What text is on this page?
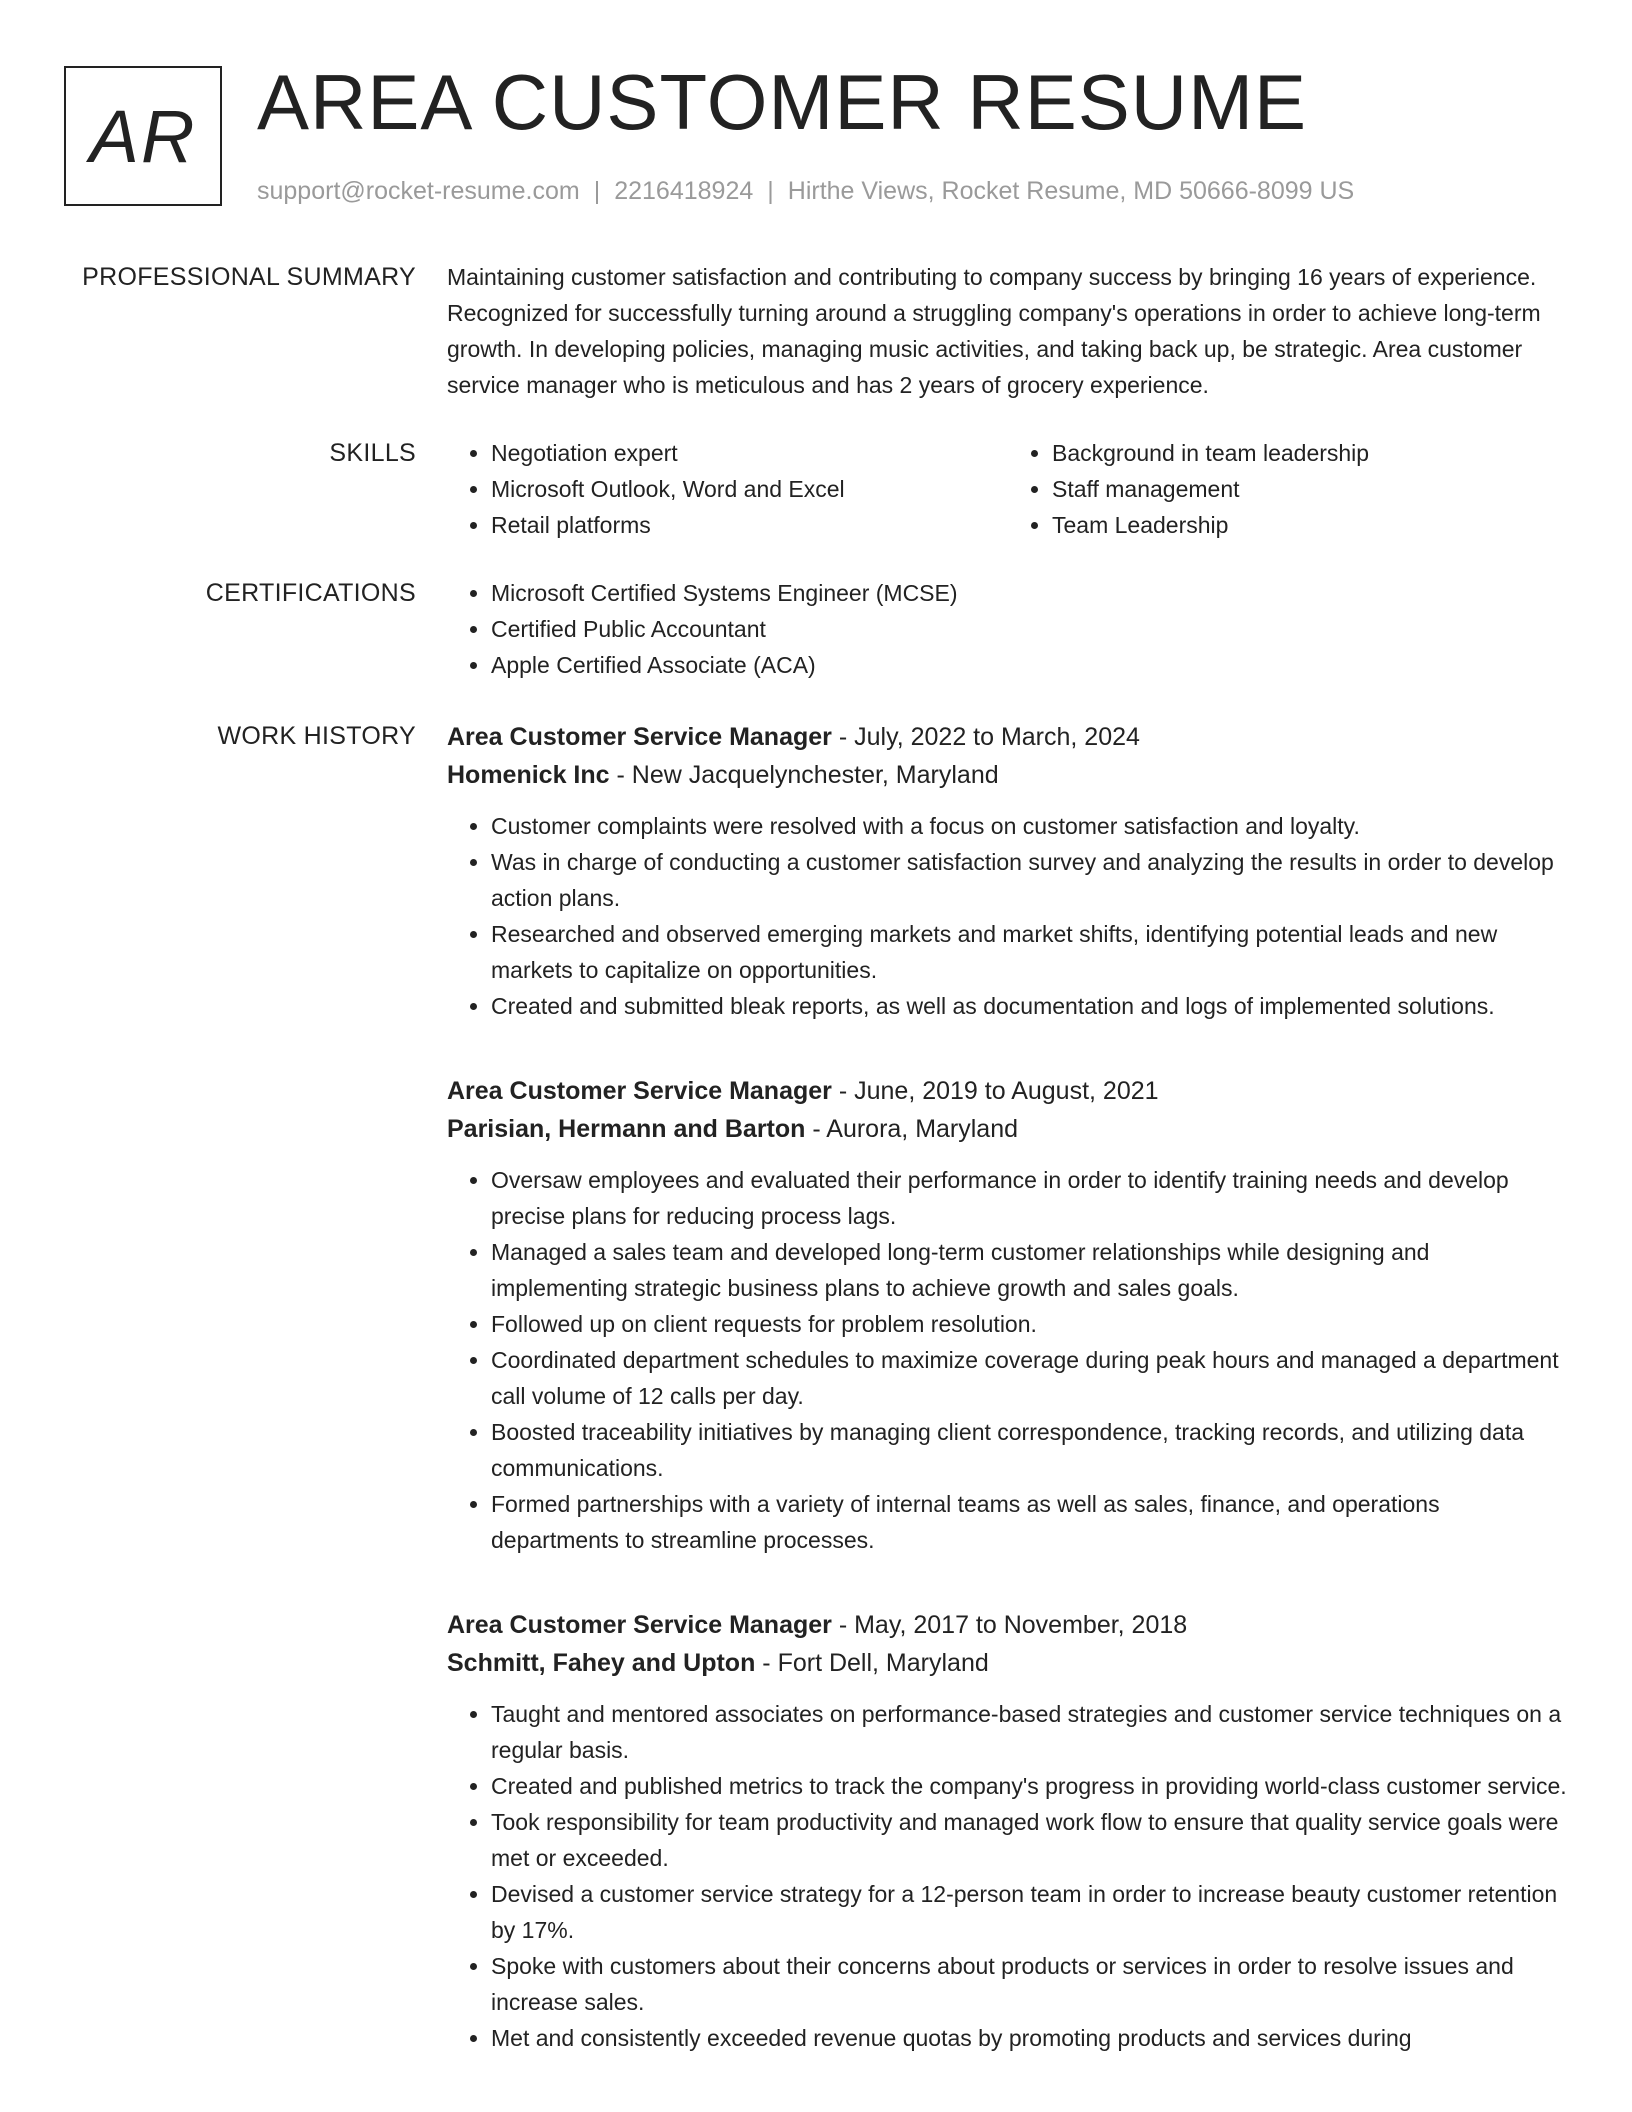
AR AREA CUSTOMER RESUME
support@rocket-resume.com | 2216418924 | Hirthe Views, Rocket Resume, MD 50666-8099 US
PROFESSIONAL SUMMARY Maintaining customer satisfaction and contributing to company success by bringing 16 years of experience. Recognized for successfully turning around a struggling company's operations in order to achieve long-term growth. In developing policies, managing music activities, and taking back up, be strategic. Area customer service manager who is meticulous and has 2 years of grocery experience.

SKILLS	• Negotiation expert
• Microsoft Outlook, Word and Excel
• Retail platforms
• Background in team leadership
• Staff management
• Team Leadership
CERTIFICATIONS	• Microsoft Certified Systems Engineer (MCSE)
• Certified Public Accountant
• Apple Certified Associate (ACA)
WORK HISTORY Area Customer Service Manager - July, 2022 to March, 2024
Homenick Inc - New Jacquelynchester, Maryland
• Customer complaints were resolved with a focus on customer satisfaction and loyalty.
• Was in charge of conducting a customer satisfaction survey and analyzing the results in order to develop action plans.
• Researched and observed emerging markets and market shifts, identifying potential leads and new markets to capitalize on opportunities.
• Created and submitted bleak reports, as well as documentation and logs of implemented solutions.
Area Customer Service Manager - June, 2019 to August, 2021
Parisian, Hermann and Barton - Aurora, Maryland
• Oversaw employees and evaluated their performance in order to identify training needs and develop precise plans for reducing process lags.
• Managed a sales team and developed long-term customer relationships while designing and implementing strategic business plans to achieve growth and sales goals.
• Followed up on client requests for problem resolution.
• Coordinated department schedules to maximize coverage during peak hours and managed a department call volume of 12 calls per day.
• Boosted traceability initiatives by managing client correspondence, tracking records, and utilizing data communications.
• Formed partnerships with a variety of internal teams as well as sales, finance, and operations departments to streamline processes.
Area Customer Service Manager - May, 2017 to November, 2018
Schmitt, Fahey and Upton - Fort Dell, Maryland
• Taught and mentored associates on performance-based strategies and customer service techniques on a regular basis.
• Created and published metrics to track the company's progress in providing world-class customer service.
• Took responsibility for team productivity and managed work flow to ensure that quality service goals were met or exceeded.
• Devised a customer service strategy for a 12-person team in order to increase beauty customer retention by 17%.
• Spoke with customers about their concerns about products or services in order to resolve issues and increase sales.
• Met and consistently exceeded revenue quotas by promoting products and services during
